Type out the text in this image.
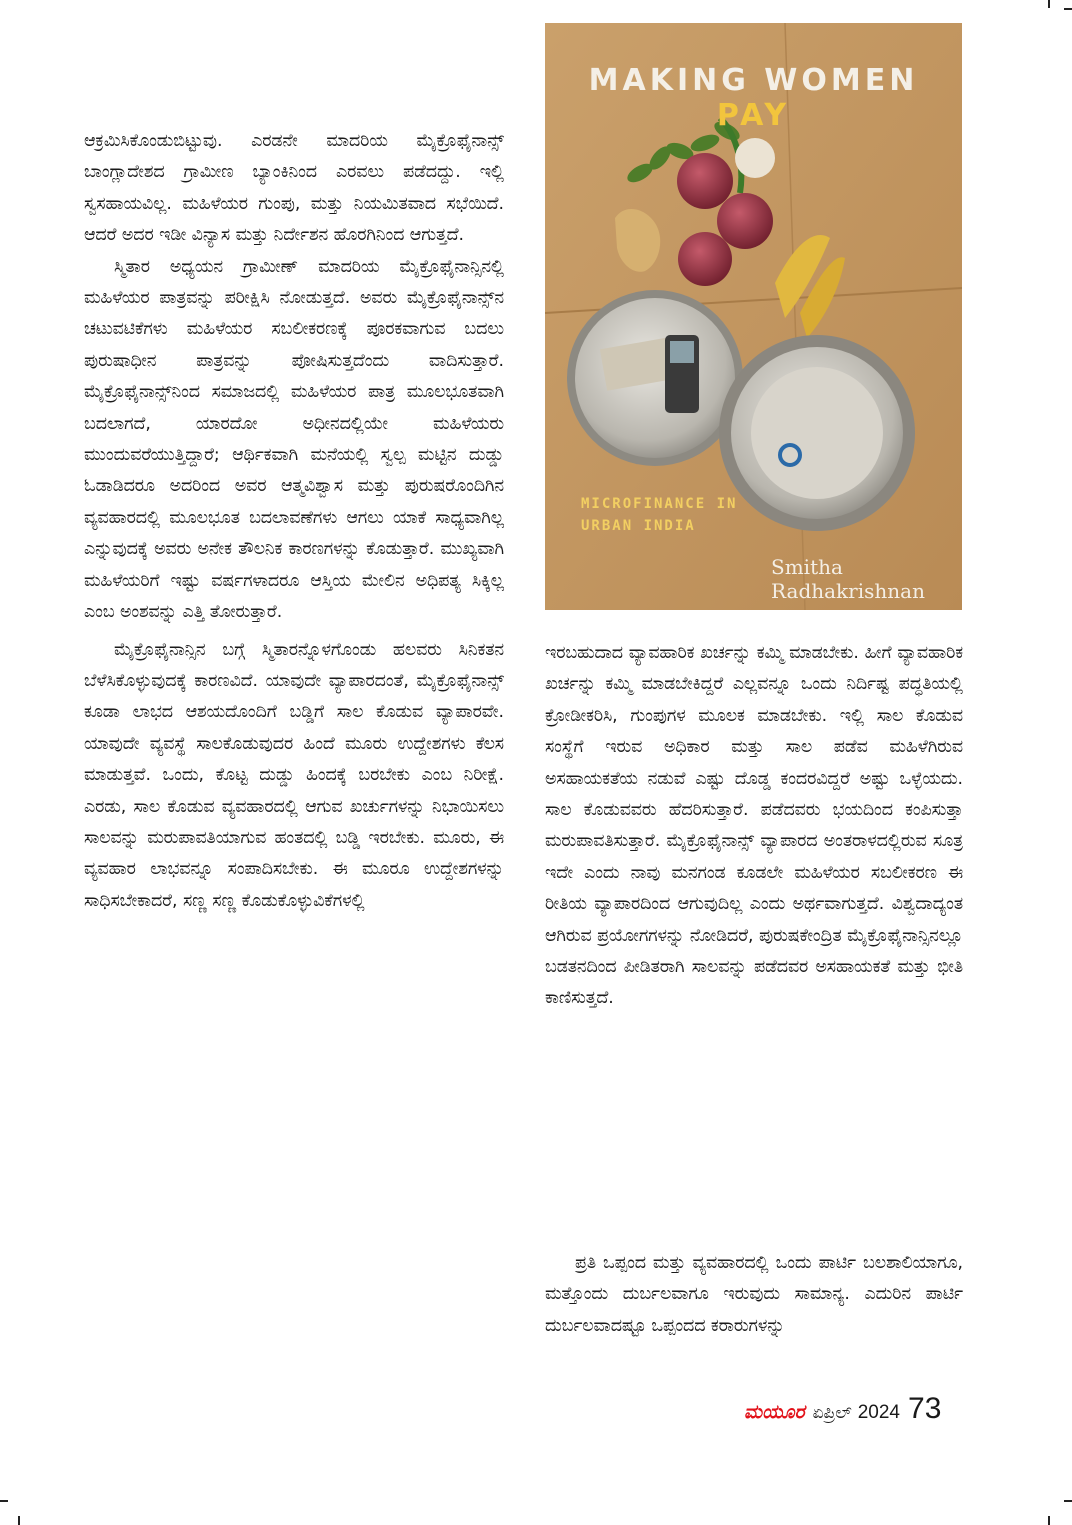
ಆಕ್ರಮಿಸಿಕೊಂಡುಬಿಟ್ಟುವು. ಎರಡನೇ ಮಾದರಿಯ ಮೈಕ್ರೊಫೈನಾನ್ಸ್ ಬಾಂಗ್ಲಾದೇಶದ ಗ್ರಾಮೀಣ ಬ್ಯಾಂಕಿನಿಂದ ಎರವಲು ಪಡೆದದ್ದು. ಇಲ್ಲಿ ಸ್ವಸಹಾಯವಿಲ್ಲ. ಮಹಿಳೆಯರ ಗುಂಪು, ಮತ್ತು ನಿಯಮಿತವಾದ ಸಭೆಯಿದೆ. ಆದರೆ ಅದರ ಇಡೀ ವಿನ್ಯಾಸ ಮತ್ತು ನಿರ್ದೇಶನ ಹೊರಗಿನಿಂದ ಆಗುತ್ತದೆ.

ಸ್ಮಿತಾರ ಅಧ್ಯಯನ ಗ್ರಾಮೀಣ್ ಮಾದರಿಯ ಮೈಕ್ರೊಫೈನಾನ್ಸಿನಲ್ಲಿ ಮಹಿಳೆಯರ ಪಾತ್ರವನ್ನು ಪರೀಕ್ಷಿಸಿ ನೋಡುತ್ತದೆ. ಅವರು ಮೈಕ್ರೊಫೈನಾನ್ಸ್‌ನ ಚಟುವಟಿಕೆಗಳು ಮಹಿಳೆಯರ ಸಬಲೀಕರಣಕ್ಕೆ ಪೂರಕವಾಗುವ ಬದಲು ಪುರುಷಾಧೀನ ಪಾತ್ರವನ್ನು ಪೋಷಿಸುತ್ತದೆಂದು ವಾದಿಸುತ್ತಾರೆ. ಮೈಕ್ರೊಫೈನಾನ್ಸ್‌ನಿಂದ ಸಮಾಜದಲ್ಲಿ ಮಹಿಳೆಯರ ಪಾತ್ರ ಮೂಲಭೂತವಾಗಿ ಬದಲಾಗದೆ, ಯಾರದೋ ಅಧೀನದಲ್ಲಿಯೇ ಮಹಿಳೆಯರು ಮುಂದುವರೆಯುತ್ತಿದ್ದಾರೆ; ಆರ್ಥಿಕವಾಗಿ ಮನೆಯಲ್ಲಿ ಸ್ವಲ್ಪ ಮಟ್ಟಿನ ದುಡ್ಡು ಓಡಾಡಿದರೂ ಅದರಿಂದ ಅವರ ಆತ್ಮವಿಶ್ವಾಸ ಮತ್ತು ಪುರುಷರೊಂದಿಗಿನ ವ್ಯವಹಾರದಲ್ಲಿ ಮೂಲಭೂತ ಬದಲಾವಣೆಗಳು ಆಗಲು ಯಾಕೆ ಸಾಧ್ಯವಾಗಿಲ್ಲ ಎನ್ನುವುದಕ್ಕೆ ಅವರು ಅನೇಕ ತೌಲನಿಕ ಕಾರಣಗಳನ್ನು ಕೊಡುತ್ತಾರೆ. ಮುಖ್ಯವಾಗಿ ಮಹಿಳೆಯರಿಗೆ ಇಷ್ಟು ವರ್ಷಗಳಾದರೂ ಆಸ್ತಿಯ ಮೇಲಿನ ಅಧಿಪತ್ಯ ಸಿಕ್ಕಿಲ್ಲ ಎಂಬ ಅಂಶವನ್ನು ಎತ್ತಿ ತೋರುತ್ತಾರೆ.

ಮೈಕ್ರೊಫೈನಾನ್ಸಿನ ಬಗ್ಗೆ ಸ್ಮಿತಾರನ್ನೊಳಗೊಂಡು ಹಲವರು ಸಿನಿಕತನ ಬೆಳೆಸಿಕೊಳ್ಳುವುದಕ್ಕೆ ಕಾರಣವಿದೆ. ಯಾವುದೇ ವ್ಯಾಪಾರದಂತೆ, ಮೈಕ್ರೊಫೈನಾನ್ಸ್ ಕೂಡಾ ಲಾಭದ ಆಶಯದೊಂದಿಗೆ ಬಡ್ಡಿಗೆ ಸಾಲ ಕೊಡುವ ವ್ಯಾಪಾರವೇ. ಯಾವುದೇ ವ್ಯವಸ್ಥೆ ಸಾಲಕೊಡುವುದರ ಹಿಂದೆ ಮೂರು ಉದ್ದೇಶಗಳು ಕೆಲಸ ಮಾಡುತ್ತವೆ. ಒಂದು, ಕೊಟ್ಟ ದುಡ್ಡು ಹಿಂದಕ್ಕೆ ಬರಬೇಕು ಎಂಬ ನಿರೀಕ್ಷೆ. ಎರಡು, ಸಾಲ ಕೊಡುವ ವ್ಯವಹಾರದಲ್ಲಿ ಆಗುವ ಖರ್ಚುಗಳನ್ನು ನಿಭಾಯಿಸಲು ಸಾಲವನ್ನು ಮರುಪಾವತಿಯಾಗುವ ಹಂತದಲ್ಲಿ ಬಡ್ಡಿ ಇರಬೇಕು. ಮೂರು, ಈ ವ್ಯವಹಾರ ಲಾಭವನ್ನೂ ಸಂಪಾದಿಸಬೇಕು. ಈ ಮೂರೂ ಉದ್ದೇಶಗಳನ್ನು ಸಾಧಿಸಬೇಕಾದರೆ, ಸಣ್ಣ ಸಣ್ಣ ಕೊಡುಕೊಳ್ಳುವಿಕೆಗಳಲ್ಲಿ

MAKING WOMEN PAY
MICROFINANCE IN
URBAN INDIA
Smitha
Radhakrishnan

ಇರಬಹುದಾದ ವ್ಯಾವಹಾರಿಕ ಖರ್ಚನ್ನು ಕಮ್ಮಿ ಮಾಡಬೇಕು. ಹೀಗೆ ವ್ಯಾವಹಾರಿಕ ಖರ್ಚನ್ನು ಕಮ್ಮಿ ಮಾಡಬೇಕಿದ್ದರೆ ಎಲ್ಲವನ್ನೂ ಒಂದು ನಿರ್ದಿಷ್ಟ ಪದ್ಧತಿಯಲ್ಲಿ ಕ್ರೋಡೀಕರಿಸಿ, ಗುಂಪುಗಳ ಮೂಲಕ ಮಾಡಬೇಕು. ಇಲ್ಲಿ ಸಾಲ ಕೊಡುವ ಸಂಸ್ಥೆಗೆ ಇರುವ ಅಧಿಕಾರ ಮತ್ತು ಸಾಲ ಪಡೆವ ಮಹಿಳೆಗಿರುವ ಅಸಹಾಯಕತೆಯ ನಡುವೆ ಎಷ್ಟು ದೊಡ್ಡ ಕಂದರವಿದ್ದರೆ ಅಷ್ಟು ಒಳ್ಳೆಯದು. ಸಾಲ ಕೊಡುವವರು ಹೆದರಿಸುತ್ತಾರೆ. ಪಡೆದವರು ಭಯದಿಂದ ಕಂಪಿಸುತ್ತಾ ಮರುಪಾವತಿಸುತ್ತಾರೆ. ಮೈಕ್ರೊಫೈನಾನ್ಸ್ ವ್ಯಾಪಾರದ ಅಂತರಾಳದಲ್ಲಿರುವ ಸೂತ್ರ ಇದೇ ಎಂದು ನಾವು ಮನಗಂಡ ಕೂಡಲೇ ಮಹಿಳೆಯರ ಸಬಲೀಕರಣ ಈ ರೀತಿಯ ವ್ಯಾಪಾರದಿಂದ ಆಗುವುದಿಲ್ಲ ಎಂದು ಅರ್ಥವಾಗುತ್ತದೆ. ವಿಶ್ವದಾದ್ಯಂತ ಆಗಿರುವ ಪ್ರಯೋಗಗಳನ್ನು ನೋಡಿದರೆ, ಪುರುಷಕೇಂದ್ರಿತ ಮೈಕ್ರೊಫೈನಾನ್ಸಿನಲ್ಲೂ ಬಡತನದಿಂದ ಪೀಡಿತರಾಗಿ ಸಾಲವನ್ನು ಪಡೆದವರ ಅಸಹಾಯಕತೆ ಮತ್ತು ಭೀತಿ ಕಾಣಿಸುತ್ತದೆ.

ಪ್ರತಿ ಒಪ್ಪಂದ ಮತ್ತು ವ್ಯವಹಾರದಲ್ಲಿ ಒಂದು ಪಾರ್ಟಿ ಬಲಶಾಲಿಯಾಗೂ, ಮತ್ತೊಂದು ದುರ್ಬಲವಾಗೂ ಇರುವುದು ಸಾಮಾನ್ಯ. ಎದುರಿನ ಪಾರ್ಟಿ ದುರ್ಬಲವಾದಷ್ಟೂ ಒಪ್ಪಂದದ ಕರಾರುಗಳನ್ನು

ಮಯೂರ ಏಪ್ರಿಲ್ 2024 73
